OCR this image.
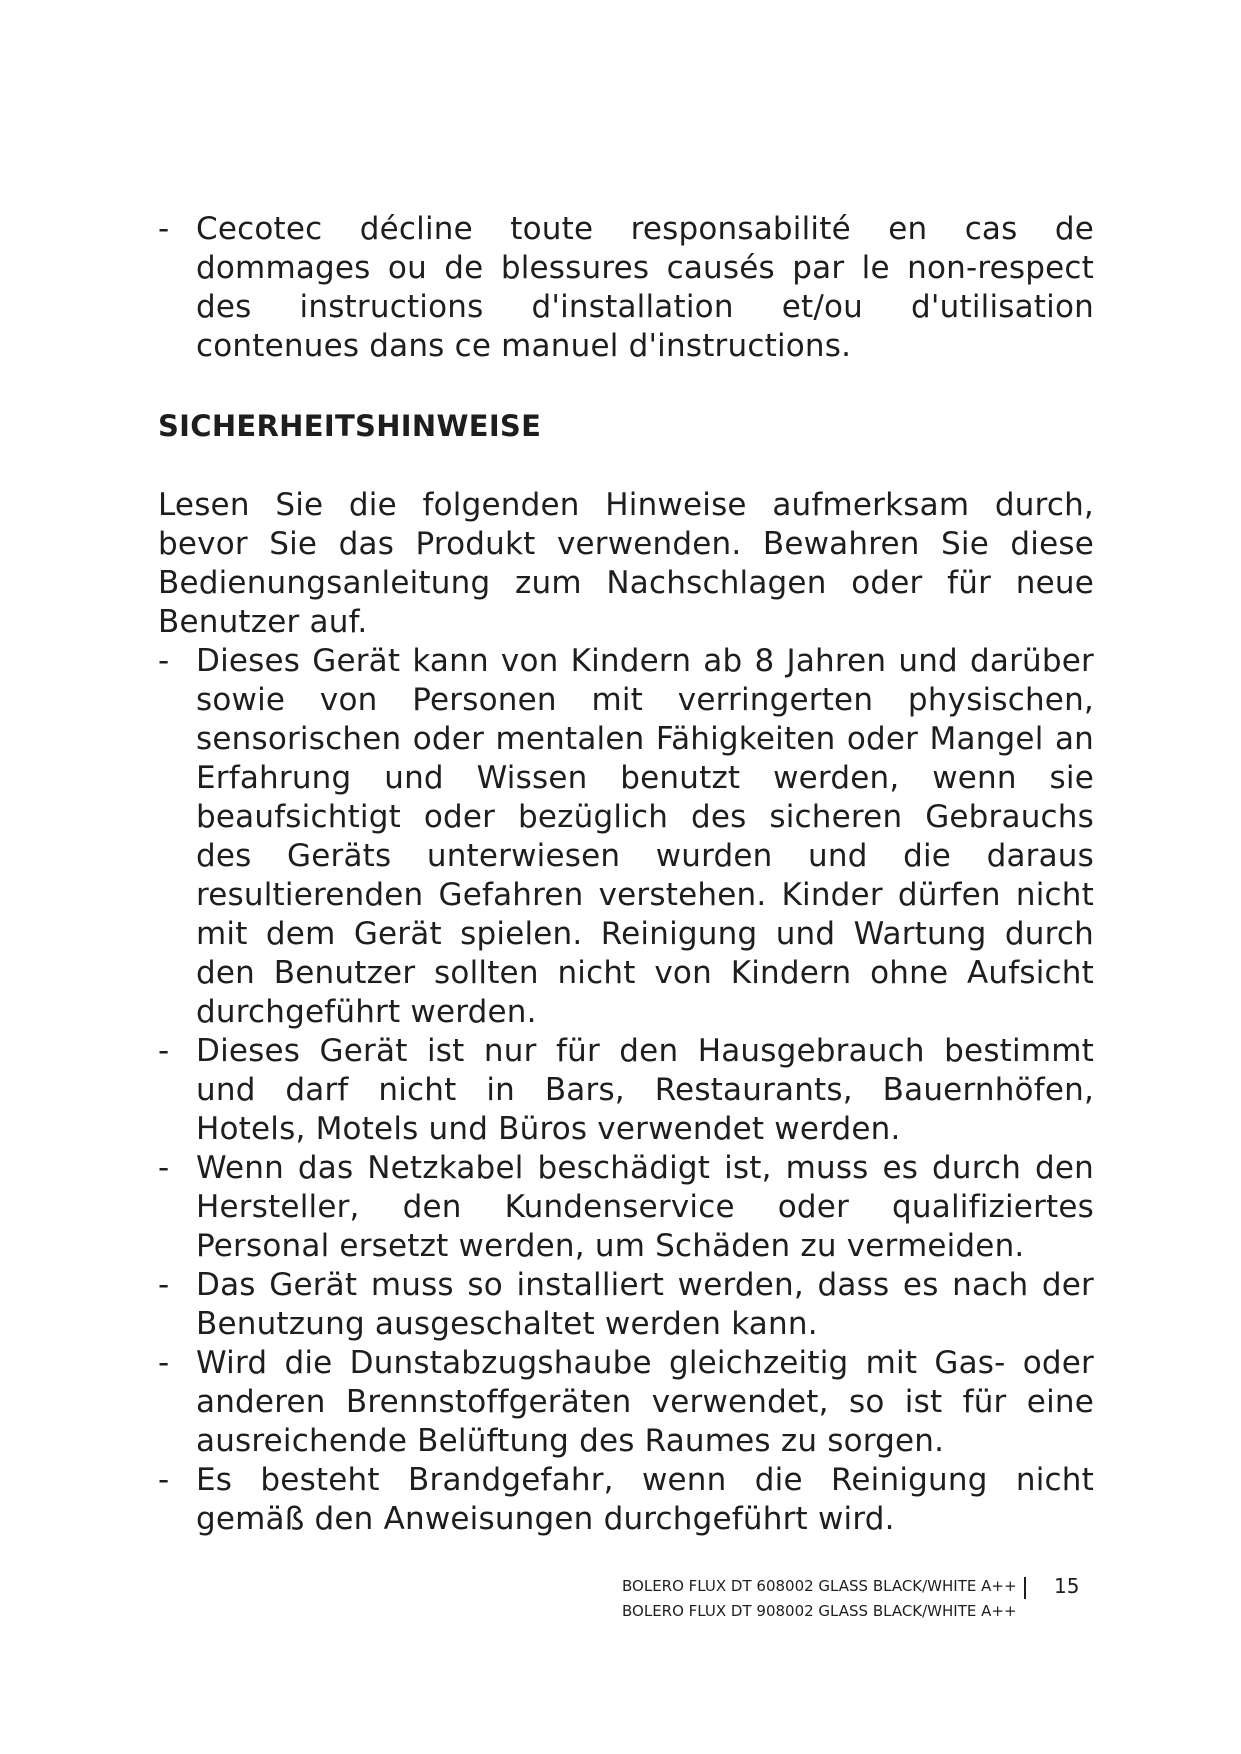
- Cecotec décline toute responsabilité en cas de dommages ou de blessures causés par le non-respect des instructions d'installation et/ou d'utilisation contenues dans ce manuel d'instructions.
SICHERHEITSHINWEISE
Lesen Sie die folgenden Hinweise aufmerksam durch, bevor Sie das Produkt verwenden. Bewahren Sie diese Bedienungsanleitung zum Nachschlagen oder für neue Benutzer auf.
- Dieses Gerät kann von Kindern ab 8 Jahren und darüber sowie von Personen mit verringerten physischen, sensorischen oder mentalen Fähigkeiten oder Mangel an Erfahrung und Wissen benutzt werden, wenn sie beaufsichtigt oder bezüglich des sicheren Gebrauchs des Geräts unterwiesen wurden und die daraus resultierenden Gefahren verstehen. Kinder dürfen nicht mit dem Gerät spielen. Reinigung und Wartung durch den Benutzer sollten nicht von Kindern ohne Aufsicht durchgeführt werden.
- Dieses Gerät ist nur für den Hausgebrauch bestimmt und darf nicht in Bars, Restaurants, Bauernhöfen, Hotels, Motels und Büros verwendet werden.
- Wenn das Netzkabel beschädigt ist, muss es durch den Hersteller, den Kundenservice oder qualifiziertes Personal ersetzt werden, um Schäden zu vermeiden.
- Das Gerät muss so installiert werden, dass es nach der Benutzung ausgeschaltet werden kann.
- Wird die Dunstabzugshaube gleichzeitig mit Gas- oder anderen Brennstoffgeräten verwendet, so ist für eine ausreichende Belüftung des Raumes zu sorgen.
- Es besteht Brandgefahr, wenn die Reinigung nicht gemäß den Anweisungen durchgeführt wird.
BOLERO FLUX DT 608002 GLASS BLACK/WHITE A++
BOLERO FLUX DT 908002 GLASS BLACK/WHITE A++
15
